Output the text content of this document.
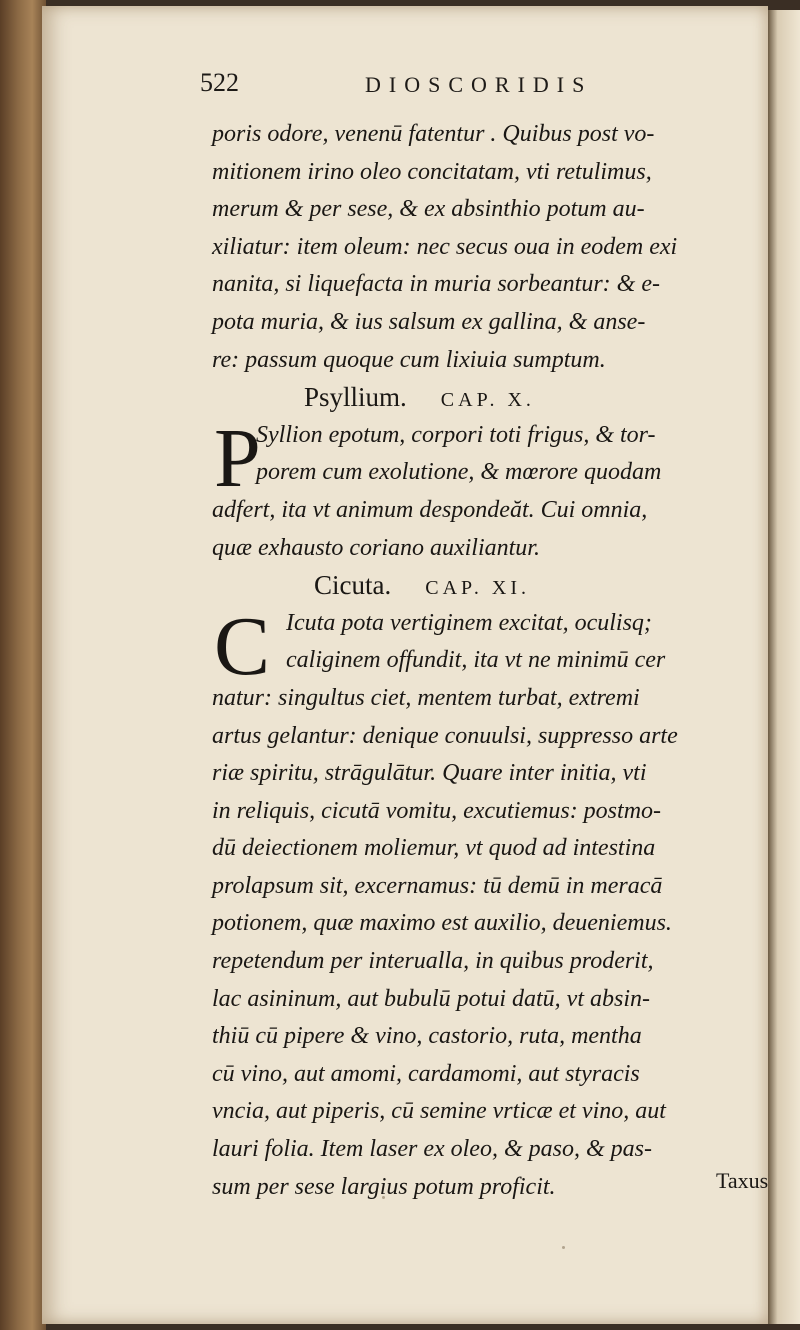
522	DIOSCORIDIS
poris odore, venenū fatentur . Quibus post vo-
mitionem irino oleo concitatam, vti retulimus,
merum & per sese, & ex absinthio potum au-
xiliatur: item oleum: nec secus oua in eodem exi
nanita, si liquefacta in muria sorbeantur: & e-
pota muria, & ius salsum ex gallina, & anse-
re: passum quoque cum lixiuia sumptum.
Psyllium. CAP. X.
P
Syllion epotum, corpori toti frigus, & tor-
porem cum exolutione, & mœrore quodam
adfert, ita vt animum despondeăt. Cui omnia,
quæ exhausto coriano auxiliantur.
Cicuta. CAP. XI.
C Icuta pota vertiginem excitat, oculisq;
caliginem offundit, ita vt ne minimū cer
natur: singultus ciet, mentem turbat, extremi
artus gelantur: denique conuulsi, suppresso arte
riæ spiritu, strāgulātur. Quare inter initia, vti
in reliquis, cicutā vomitu, excutiemus: postmo-
dū deiectionem moliemur, vt quod ad intestina
prolapsum sit, excernamus: tū demū in meracā
potionem, quæ maximo est auxilio, deueniemus.
repetendum per interualla, in quibus proderit,
lac asininum, aut bubulū potui datū, vt absin-
thiū cū pipere & vino, castorio, ruta, mentha
cū vino, aut amomi, cardamomi, aut styracis
vncia, aut piperis, cū semine vrticæ et vino, aut
lauri folia. Item laser ex oleo, & paso, & pas-
sum per sese largius potum proficit.	Taxus
